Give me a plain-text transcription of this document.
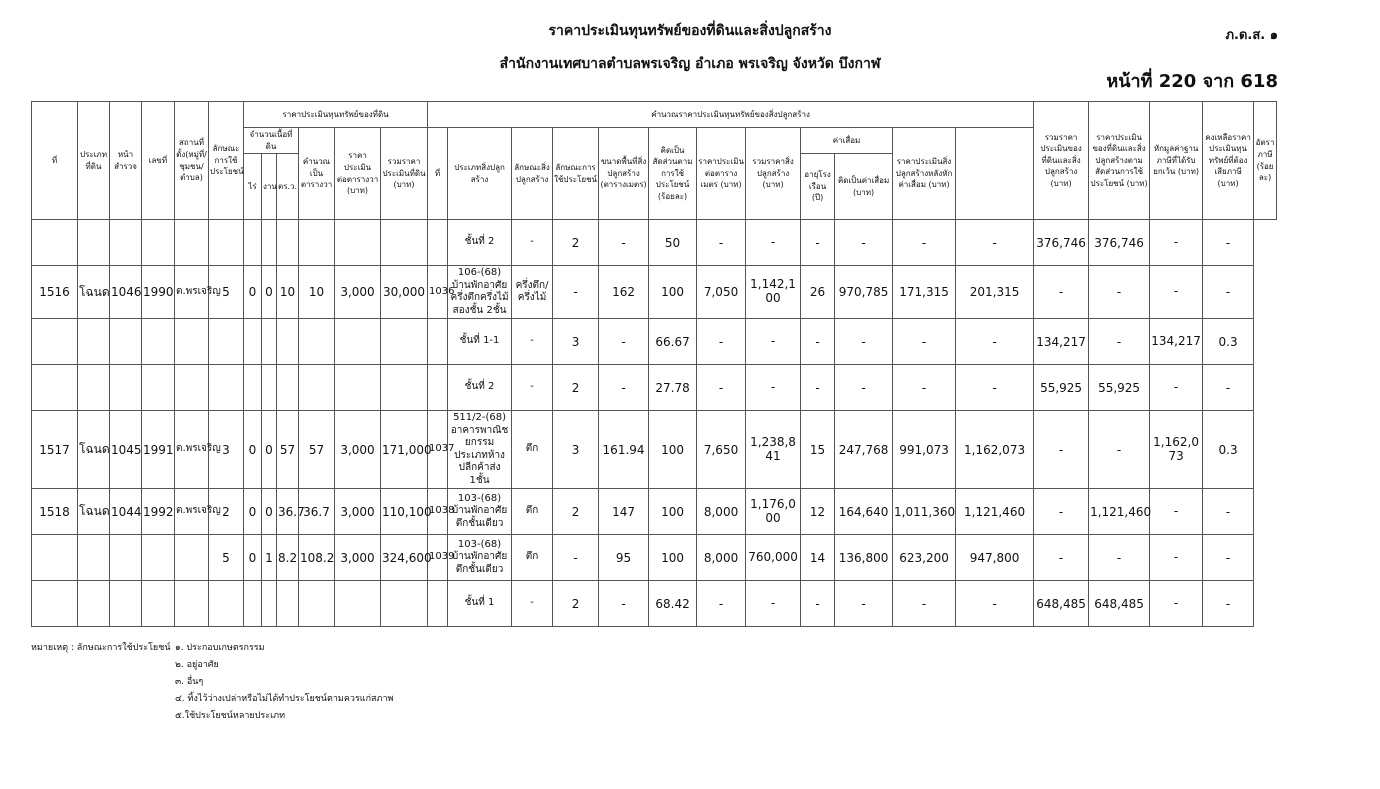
ราคาประเมินทุนทรัพย์ของที่ดินและสิ่งปลูกสร้าง
สำนักงานเทศบาลตำบลพรเจริญ อำเภอ พรเจริญ จังหวัด บึงกาฬ
ภ.ด.ส. ๑
หน้าที่ 220 จาก 618
ที่	ประเภทที่ดิน	หน้าสำรวจ	เลขที่	สถานที่ตั้ง(หมู่ที่/ชุมชน/ตำบล)	ลักษณะการใช้ประโยชน์	ราคาประเมินทุนทรัพย์ของที่ดิน						คำนวณราคาประเมินทุนทรัพย์ของสิ่งปลูกสร้าง												รวมราคาประเมินของที่ดินและสิ่งปลูกสร้าง (บาท)	ราคาประเมินของที่ดินและสิ่งปลูกสร้างตามสัดส่วนการใช้ประโยชน์ (บาท)	หักมูลค่าฐานภาษีที่ได้รับยกเว้น (บาท)	คงเหลือราคาประเมินทุนทรัพย์ที่ต้องเสียภาษี (บาท)	อัตราภาษี (ร้อยละ)
						จำนวนเนื้อที่ดิน			คำนวณเป็นตารางวา	ราคาประเมินต่อตารางวา (บาท)	รวมราคาประเมินที่ดิน (บาท)	ที่	ประเภทสิ่งปลูกสร้าง	ลักษณะสิ่งปลูกสร้าง	ลักษณะการใช้ประโยชน์	ขนาดพื้นที่สิ่งปลูกสร้าง (ตารางเมตร)	คิดเป็นสัดส่วนตามการใช้ประโยชน์ (ร้อยละ)	ราคาประเมินต่อตารางเมตร (บาท)	รวมราคาสิ่งปลูกสร้าง (บาท)	ค่าเสื่อม		ราคาประเมินสิ่งปลูกสร้างหลังหักค่าเสื่อม (บาท)						
						ไร่	งาน	ตร.ว.												อายุโรงเรือน (ปี)	คิดเป็นค่าเสื่อม (บาท)							
													ชั้นที่ 2	-	2	-	50	-	-	-	-	-	-	376,746	376,746	-	-	
1516	โฉนด	1046	1990	ต.พรเจริญ	5	0	0	10	10	3,000	30,000	1036	106-(68) บ้านพักอาศัยครึ่งตึกครึ่งไม้สองชั้น 2ชั้น	ครึ่งตึก/ครึ่งไม้	-	162	100	7,050	1,142,100	26	970,785	171,315	201,315	-	-	-	-	
													ชั้นที่ 1-1	-	3	-	66.67	-	-	-	-	-	-	134,217	-	134,217	0.3	
													ชั้นที่ 2	-	2	-	27.78	-	-	-	-	-	-	55,925	55,925	-	-	
1517	โฉนด	1045	1991	ต.พรเจริญ	3	0	0	57	57	3,000	171,000	1037	511/2-(68) อาคารพาณิชยกรรม ประเภทห้างปลีกค้าส่ง 1ชั้น	ตึก	3	161.94	100	7,650	1,238,841	15	247,768	991,073	1,162,073	-	-	1,162,073	0.3	
1518	โฉนด	1044	1992	ต.พรเจริญ	2	0	0	36.7	36.7	3,000	110,100	1038	103-(68) บ้านพักอาศัยตึกชั้นเดียว	ตึก	2	147	100	8,000	1,176,000	12	164,640	1,011,360	1,121,460	-	1,121,460	-	-	
					5	0	1	8.2	108.2	3,000	324,600	1039	103-(68) บ้านพักอาศัยตึกชั้นเดียว	ตึก	-	95	100	8,000	760,000	14	136,800	623,200	947,800	-	-	-	-	
													ชั้นที่ 1	-	2	-	68.42	-	-	-	-	-	-	648,485	648,485	-	-	
หมายเหตุ : ลักษณะการใช้ประโยชน์ ๑. ประกอบเกษตรกรรม
๒. อยู่อาศัย
๓. อื่นๆ
๔. ทิ้งไว้ว่างเปล่าหรือไม่ได้ทำประโยชน์ตามควรแก่สภาพ
๕.ใช้ประโยชน์หลายประเภท
